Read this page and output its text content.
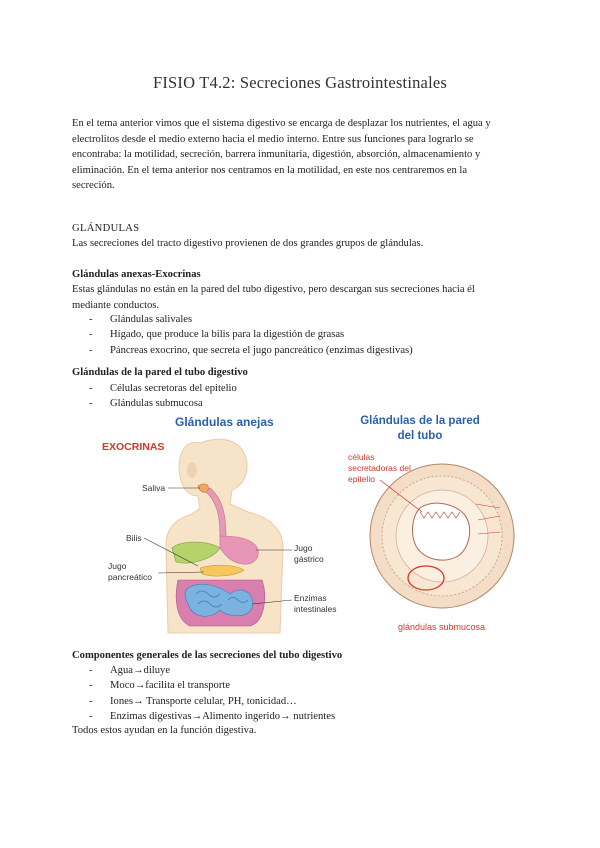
FISIO T4.2: Secreciones Gastrointestinales
En el tema anterior vimos que el sistema digestivo se encarga de desplazar los nutrientes, el agua y
electrolitos desde el medio externo hacia el medio interno. Entre sus funciones para lograrlo se
encontraba: la motilidad, secreción, barrera inmunitaria, digestión, absorción, almacenamiento y
eliminación. En el tema anterior nos centramos en la motilidad, en este nos centraremos en la
secreción.
GLÁNDULAS
Las secreciones del tracto digestivo provienen de dos grandes grupos de glándulas.
Glándulas anexas-Exocrinas
Estas glándulas no están en la pared del tubo digestivo, pero descargan sus secreciones hacia él
mediante conductos.
- Glándulas salivales
- Hígado, que produce la bilis para la digestión de grasas
- Páncreas exocrino, que secreta el jugo pancreático (enzimas digestivas)
Glándulas de la pared el tubo digestivo
- Células secretoras del epitelio
- Glándulas submucosa
Glándulas anejas
EXOCRINAS
Saliva
Bilis
Jugo
pancreático
Jugo
gástrico
Enzimas
intestinales
Glándulas de la pared
del tubo
células
secretadoras del
epitelio
glándulas submucosa
Componentes generales de las secreciones del tubo digestivo
- Agua→diluye
- Moco→facilita el transporte
- Iones→ Transporte celular, PH, tonicidad…
- Enzimas digestivas→Alimento ingerido→ nutrientes
Todos estos ayudan en la función digestiva.
